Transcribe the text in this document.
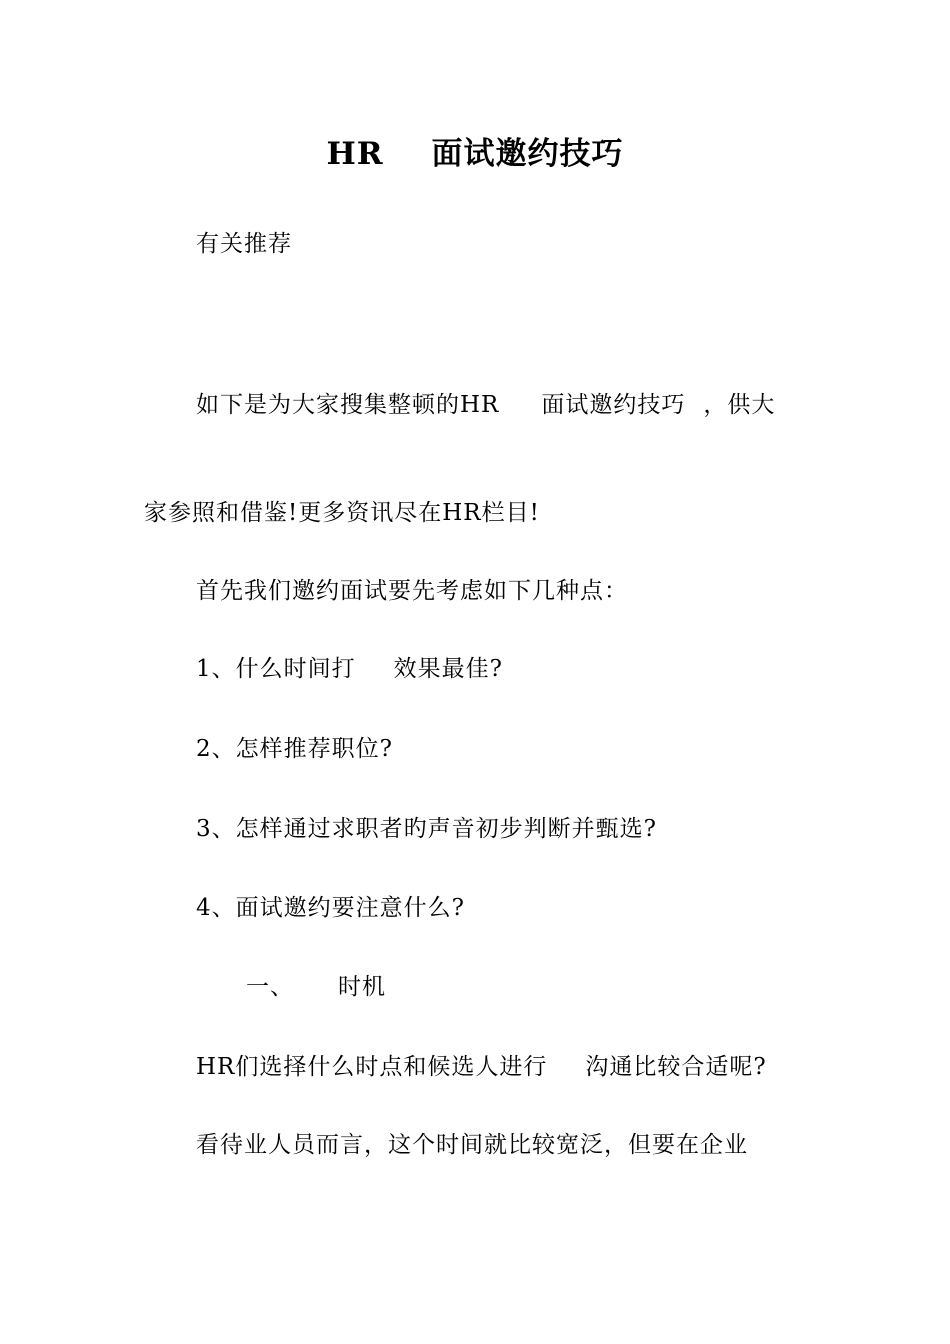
HR 面试邀约技巧
有关推荐
如下是为大家搜集整顿的HR 面试邀约技巧 ，供大
家参照和借鉴!更多资讯尽在HR栏目!
首先我们邀约面试要先考虑如下几种点：
1、什么时间打 效果最佳?
2、怎样推荐职位?
3、怎样通过求职者旳声音初步判断并甄选?
4、面试邀约要注意什么?
一、 时机
HR们选择什么时点和候选人进行 沟通比较合适呢?
看待业人员而言，这个时间就比较宽泛，但要在企业
